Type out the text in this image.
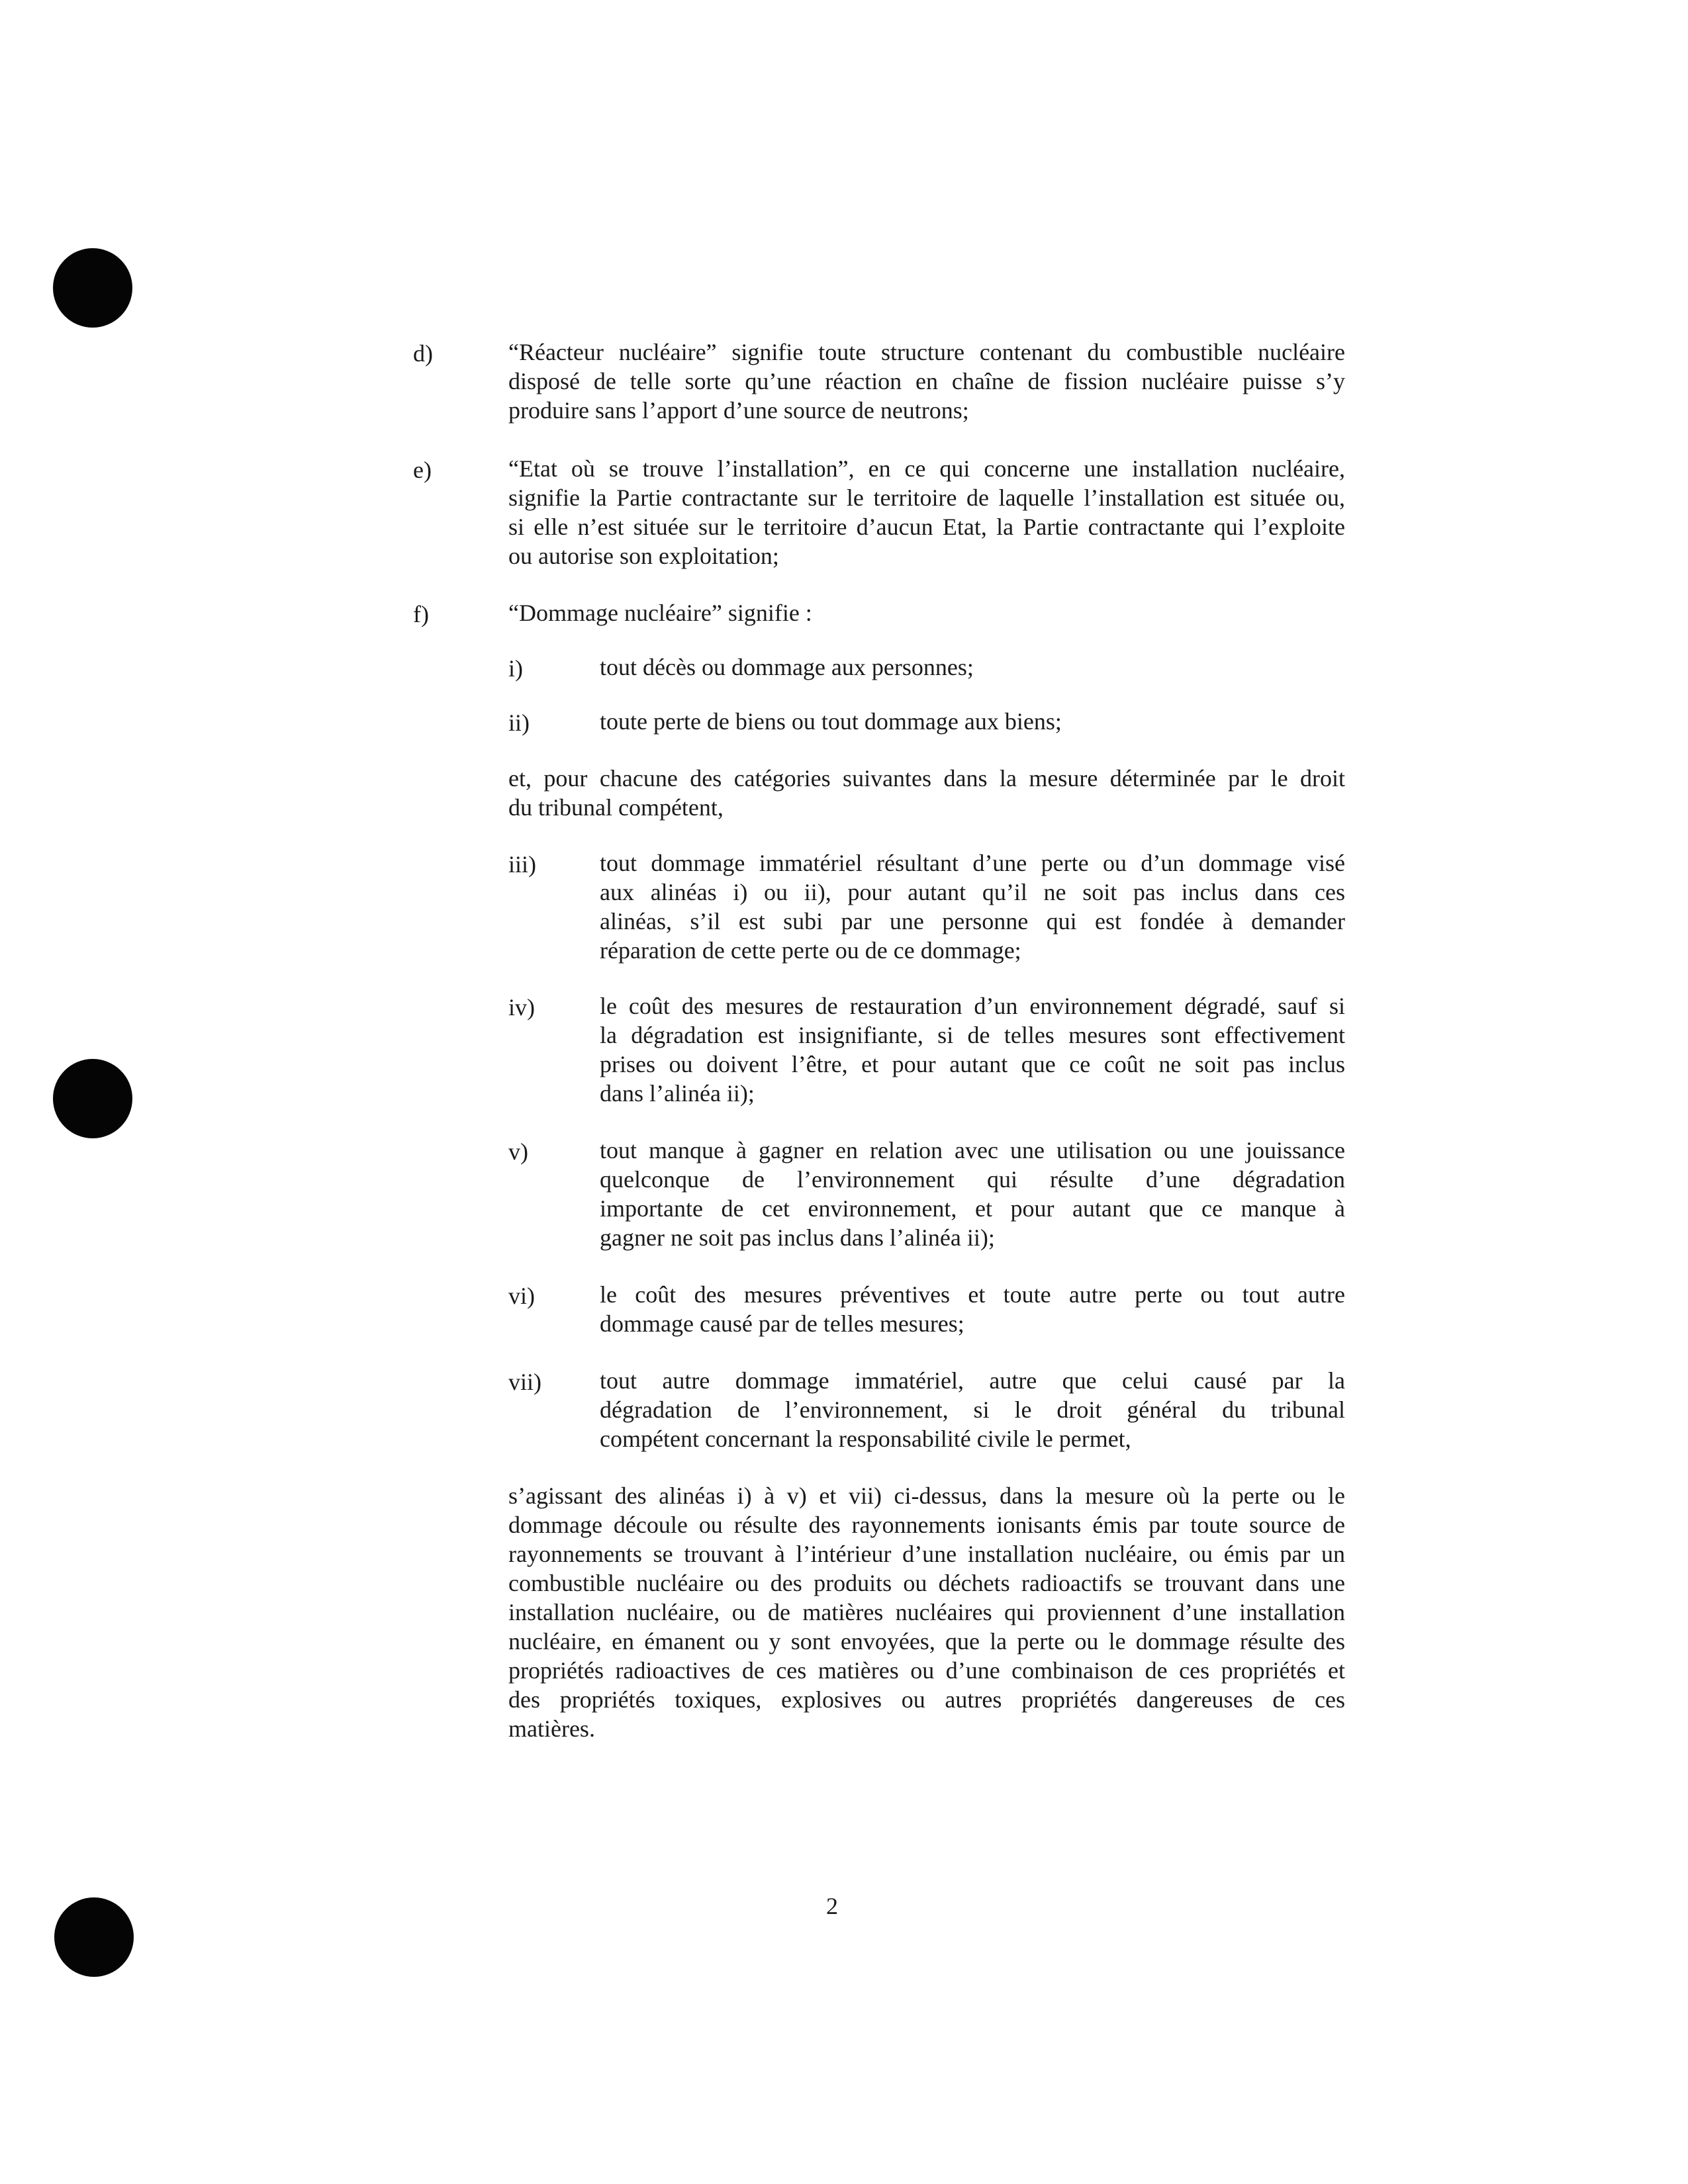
d)	“Réacteur nucléaire” signifie toute structure contenant du combustible nucléaire
disposé de telle sorte qu’une réaction en chaîne de fission nucléaire puisse s’y
produire sans l’apport d’une source de neutrons;
e)	“Etat où se trouve l’installation”, en ce qui concerne une installation nucléaire,
signifie la Partie contractante sur le territoire de laquelle l’installation est située ou,
si elle n’est située sur le territoire d’aucun Etat, la Partie contractante qui l’exploite
ou autorise son exploitation;
f)	“Dommage nucléaire” signifie :
i)	tout décès ou dommage aux personnes;
ii)	toute perte de biens ou tout dommage aux biens;
et, pour chacune des catégories suivantes dans la mesure déterminée par le droit
du tribunal compétent,
iii)	tout dommage immatériel résultant d’une perte ou d’un dommage visé
aux alinéas i) ou ii), pour autant qu’il ne soit pas inclus dans ces
alinéas, s’il est subi par une personne qui est fondée à demander
réparation de cette perte ou de ce dommage;
iv)	le coût des mesures de restauration d’un environnement dégradé, sauf si
la dégradation est insignifiante, si de telles mesures sont effectivement
prises ou doivent l’être, et pour autant que ce coût ne soit pas inclus
dans l’alinéa ii);
v)	tout manque à gagner en relation avec une utilisation ou une jouissance
quelconque de l’environnement qui résulte d’une dégradation
importante de cet environnement, et pour autant que ce manque à
gagner ne soit pas inclus dans l’alinéa ii);
vi)	le coût des mesures préventives et toute autre perte ou tout autre
dommage causé par de telles mesures;
vii) tout autre dommage immatériel, autre que celui causé par la
dégradation de l’environnement, si le droit général du tribunal
compétent concernant la responsabilité civile le permet,
s’agissant des alinéas i) à v) et vii) ci-dessus, dans la mesure où la perte ou le
dommage découle ou résulte des rayonnements ionisants émis par toute source de
rayonnements se trouvant à l’intérieur d’une installation nucléaire, ou émis par un
combustible nucléaire ou des produits ou déchets radioactifs se trouvant dans une
installation nucléaire, ou de matières nucléaires qui proviennent d’une installation
nucléaire, en émanent ou y sont envoyées, que la perte ou le dommage résulte des
propriétés radioactives de ces matières ou d’une combinaison de ces propriétés et
des propriétés toxiques, explosives ou autres propriétés dangereuses de ces
matières.
2
